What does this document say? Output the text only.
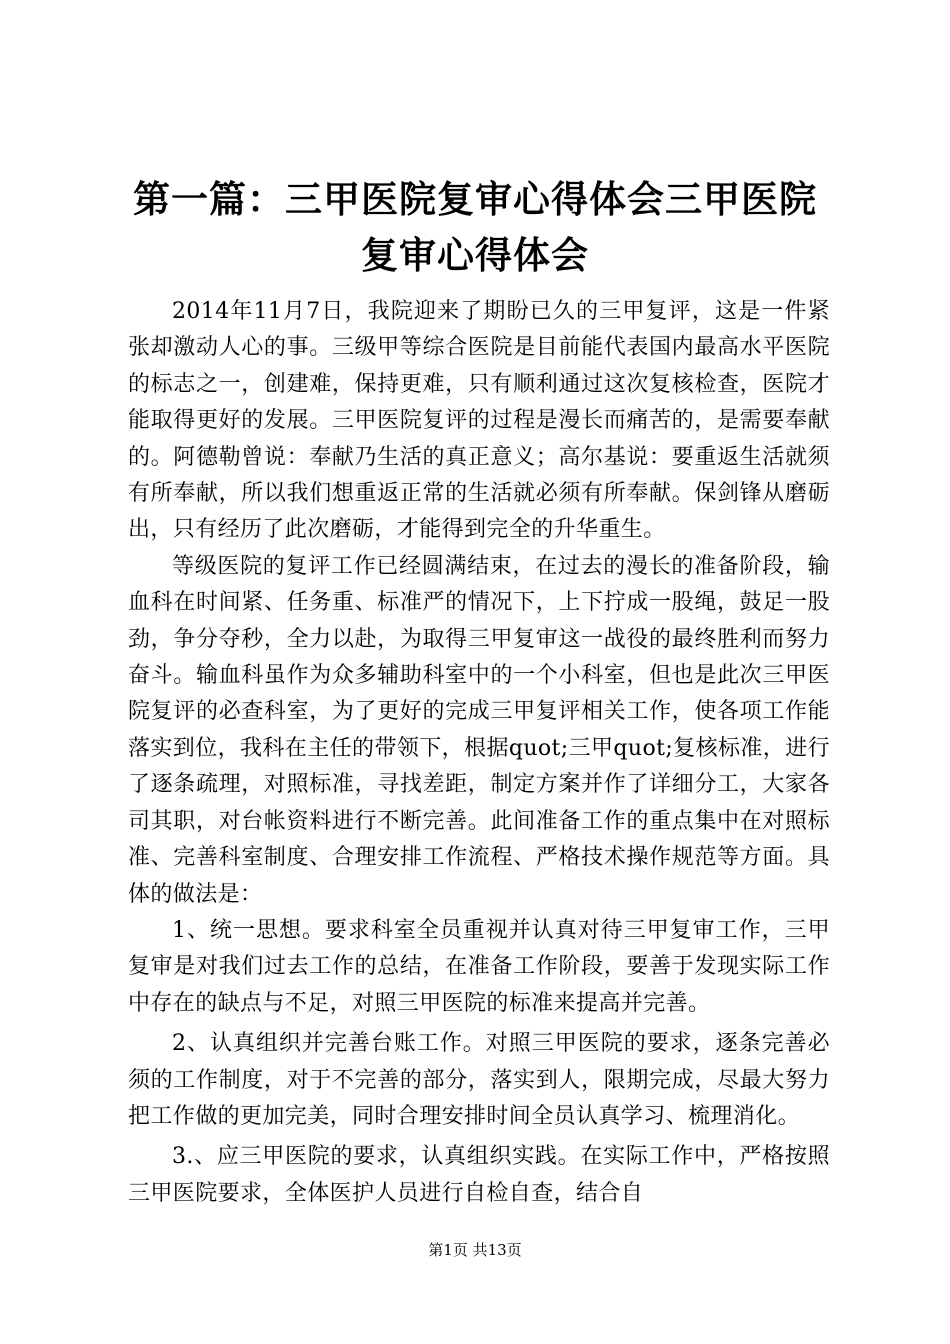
第一篇：三甲医院复审心得体会三甲医院复审心得体会

2014年11月7日，我院迎来了期盼已久的三甲复评，这是一件紧张却激动人心的事。三级甲等综合医院是目前能代表国内最高水平医院的标志之一，创建难，保持更难，只有顺利通过这次复核检查，医院才能取得更好的发展。三甲医院复评的过程是漫长而痛苦的，是需要奉献的。阿德勒曾说：奉献乃生活的真正意义；高尔基说：要重返生活就须有所奉献，所以我们想重返正常的生活就必须有所奉献。保剑锋从磨砺出，只有经历了此次磨砺，才能得到完全的升华重生。

等级医院的复评工作已经圆满结束，在过去的漫长的准备阶段，输血科在时间紧、任务重、标准严的情况下，上下拧成一股绳，鼓足一股劲，争分夺秒，全力以赴，为取得三甲复审这一战役的最终胜利而努力奋斗。输血科虽作为众多辅助科室中的一个小科室，但也是此次三甲医院复评的必查科室，为了更好的完成三甲复评相关工作，使各项工作能落实到位，我科在主任的带领下，根据quot;三甲quot;复核标准，进行了逐条疏理，对照标准，寻找差距，制定方案并作了详细分工，大家各司其职，对台帐资料进行不断完善。此间准备工作的重点集中在对照标准、完善科室制度、合理安排工作流程、严格技术操作规范等方面。具体的做法是：

1、统一思想。要求科室全员重视并认真对待三甲复审工作，三甲复审是对我们过去工作的总结，在准备工作阶段，要善于发现实际工作中存在的缺点与不足，对照三甲医院的标准来提高并完善。

2、认真组织并完善台账工作。对照三甲医院的要求，逐条完善必须的工作制度，对于不完善的部分，落实到人，限期完成，尽最大努力把工作做的更加完美，同时合理安排时间全员认真学习、梳理消化。

3.、应三甲医院的要求，认真组织实践。在实际工作中，严格按照三甲医院要求，全体医护人员进行自检自查，结合自

第1页 共13页
